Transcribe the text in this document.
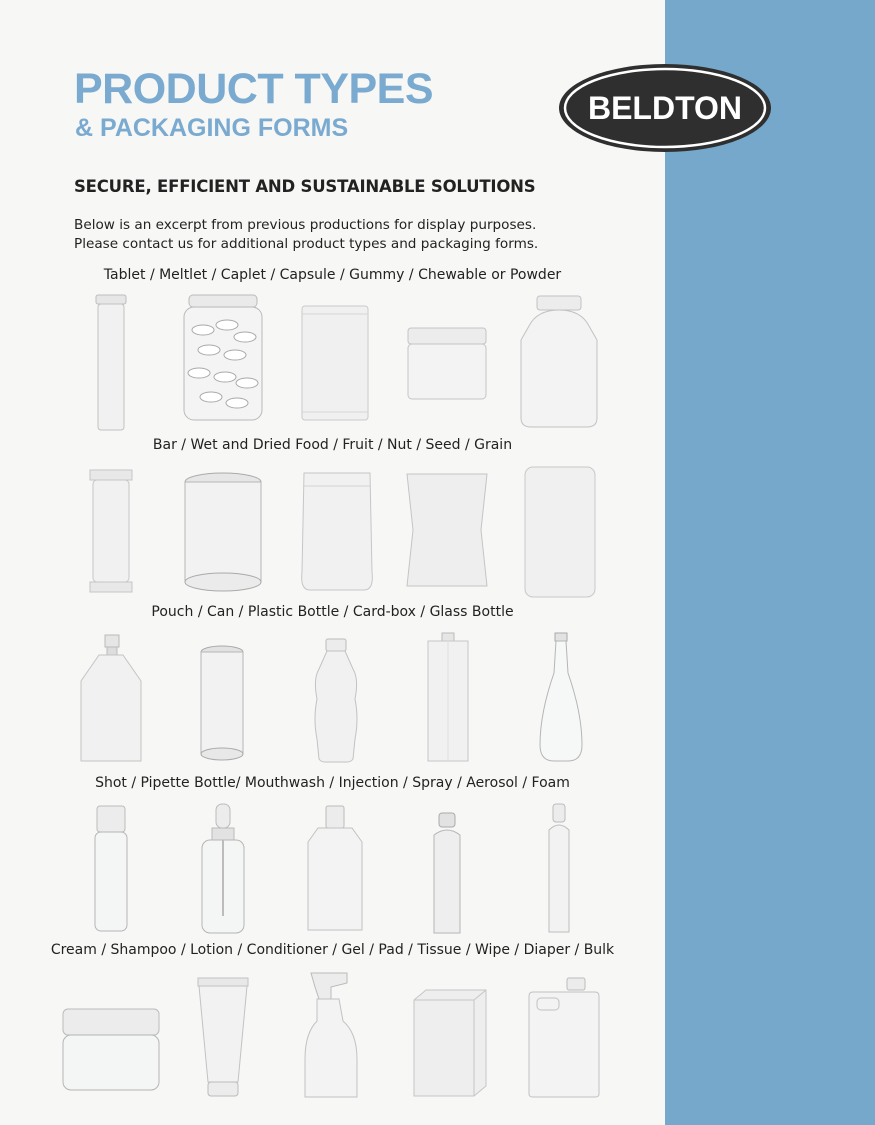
PRODUCT TYPES
& PACKAGING FORMS
BELDTON
SECURE, EFFICIENT AND SUSTAINABLE SOLUTIONS

Below is an excerpt from previous productions for display purposes.
Please contact us for additional product types and packaging forms.

Tablet / Meltlet / Caplet / Capsule / Gummy / Chewable or Powder

Bar / Wet and Dried Food / Fruit / Nut / Seed / Grain

Pouch / Can / Plastic Bottle / Card-box / Glass Bottle

Shot / Pipette Bottle/ Mouthwash / Injection / Spray / Aerosol / Foam

Cream / Shampoo / Lotion / Conditioner / Gel / Pad / Tissue / Wipe / Diaper / Bulk
